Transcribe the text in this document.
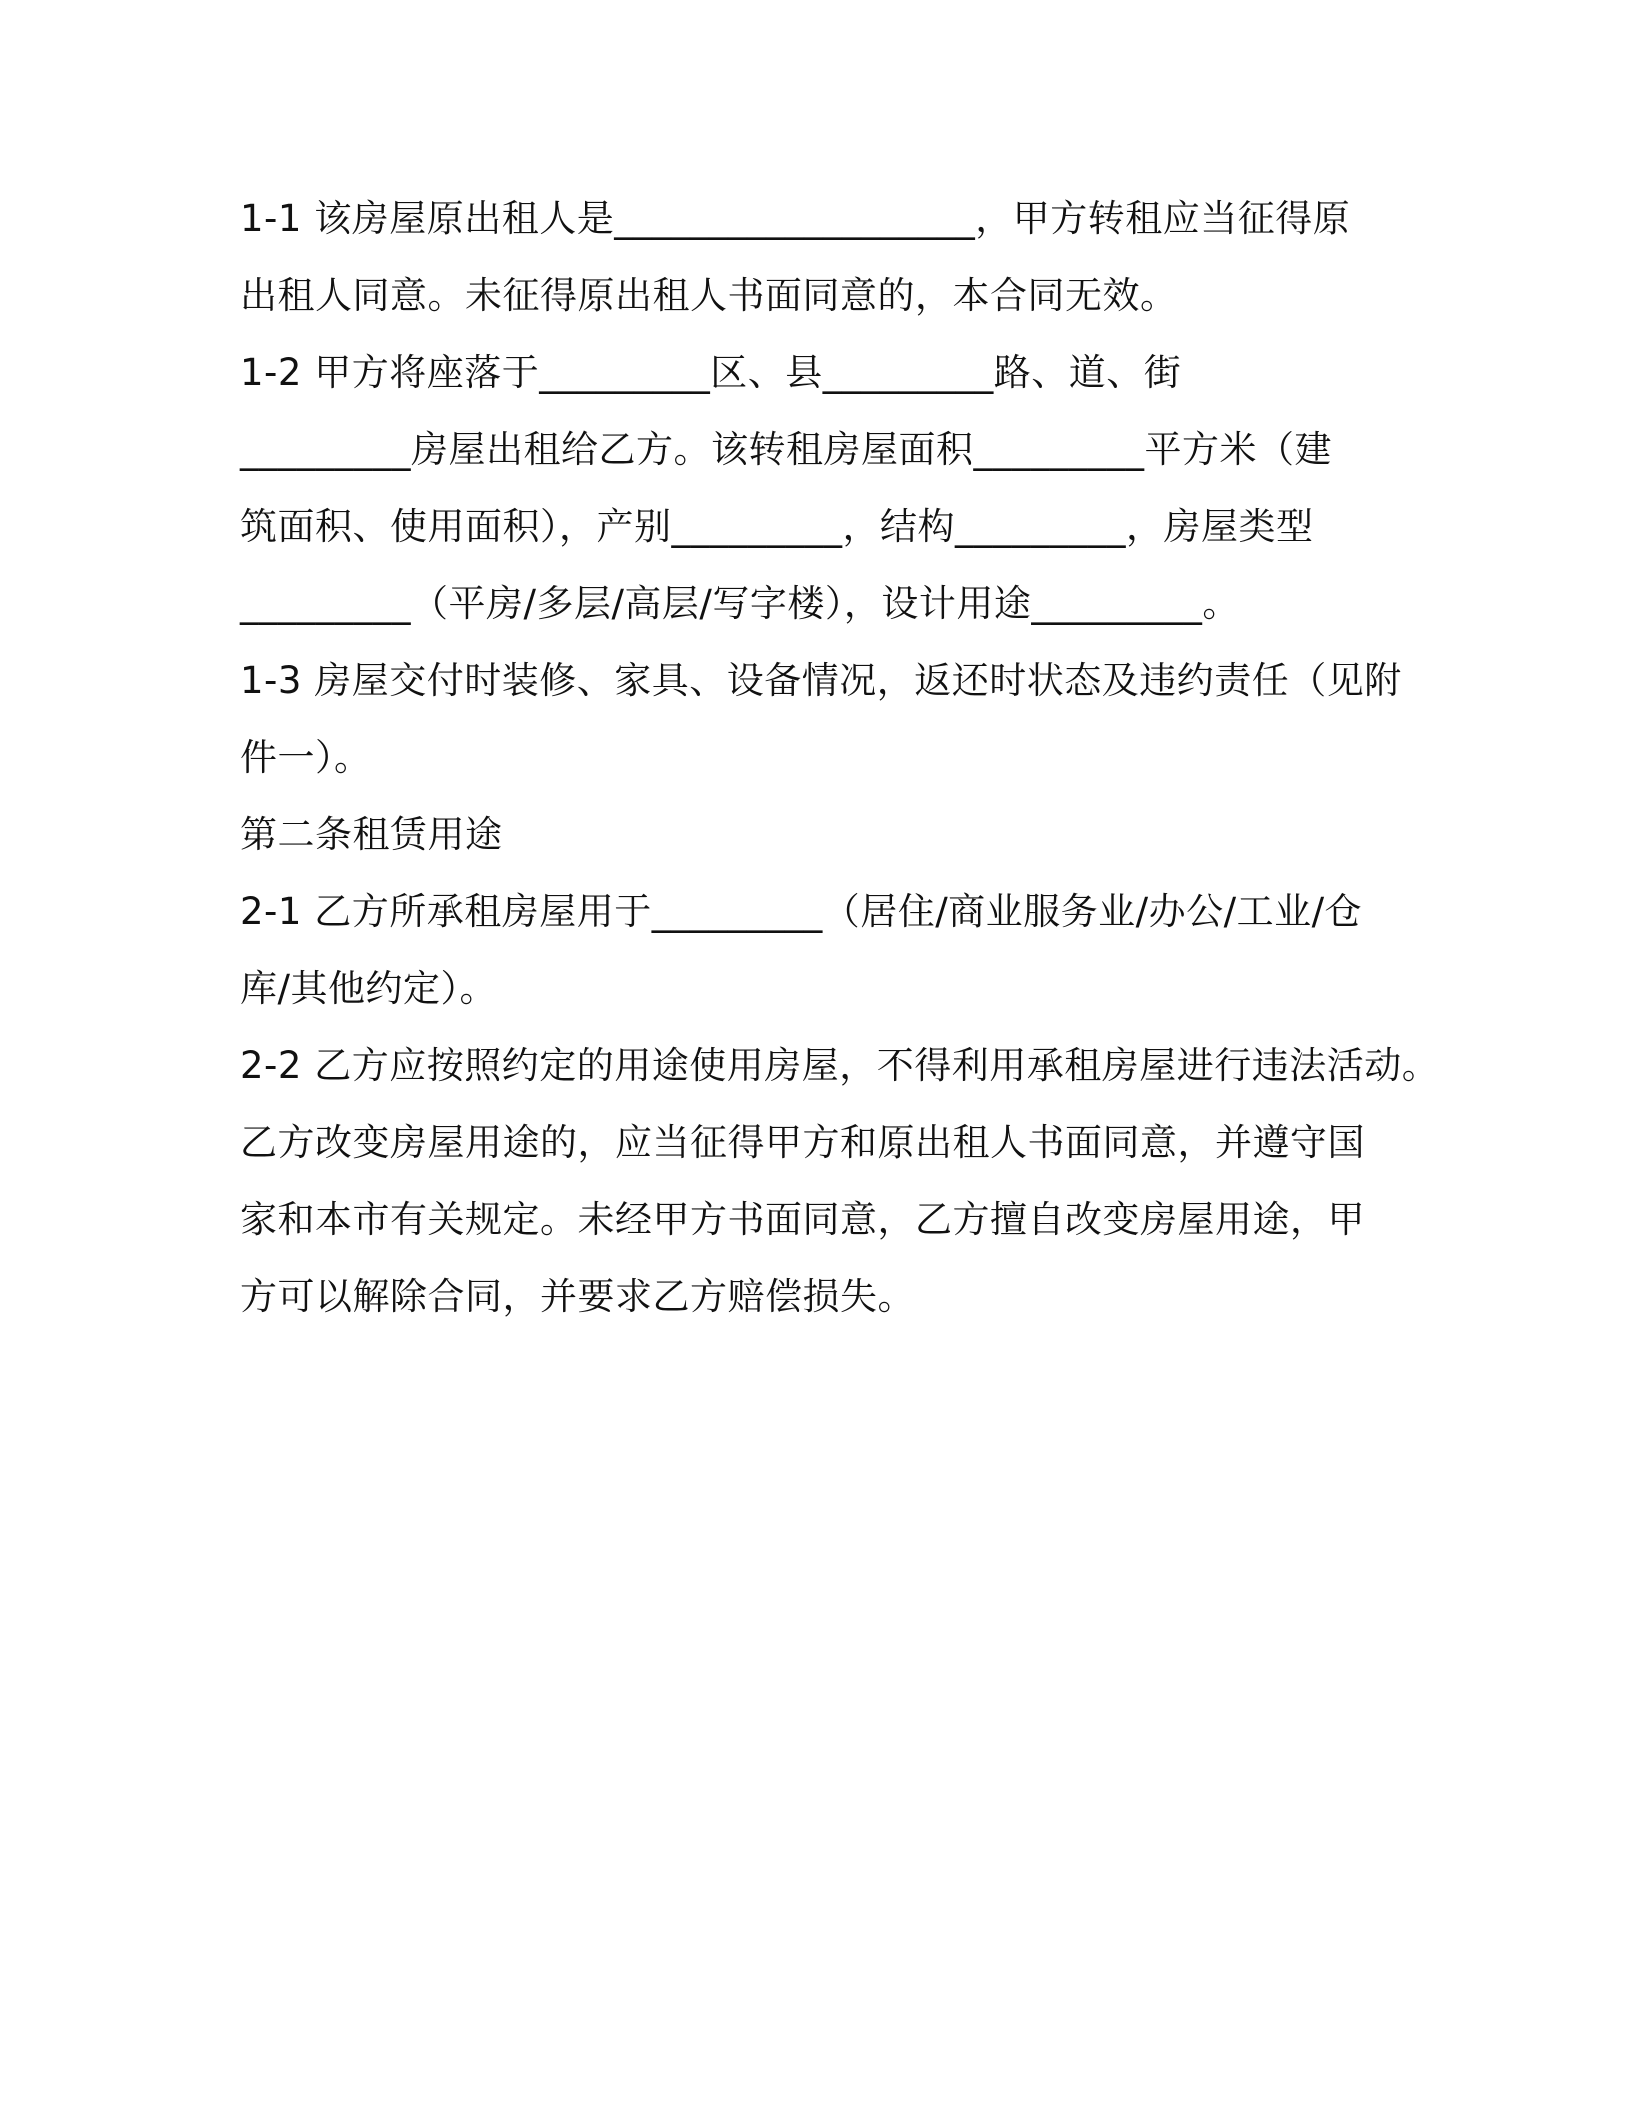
1-1 该房屋原出租人是___________________，甲方转租应当征得原
出租人同意。未征得原出租人书面同意的，本合同无效。
1-2 甲方将座落于_________区、县_________路、道、街
_________房屋出租给乙方。该转租房屋面积_________平方米（建
筑面积、使用面积），产别_________，结构_________，房屋类型
_________（平房/多层/高层/写字楼），设计用途_________。
1-3 房屋交付时装修、家具、设备情况，返还时状态及违约责任（见附
件一）。
第二条租赁用途
2-1 乙方所承租房屋用于_________（居住/商业服务业/办公/工业/仓
库/其他约定）。
2-2 乙方应按照约定的用途使用房屋，不得利用承租房屋进行违法活动。
乙方改变房屋用途的，应当征得甲方和原出租人书面同意，并遵守国
家和本市有关规定。未经甲方书面同意，乙方擅自改变房屋用途，甲
方可以解除合同，并要求乙方赔偿损失。
